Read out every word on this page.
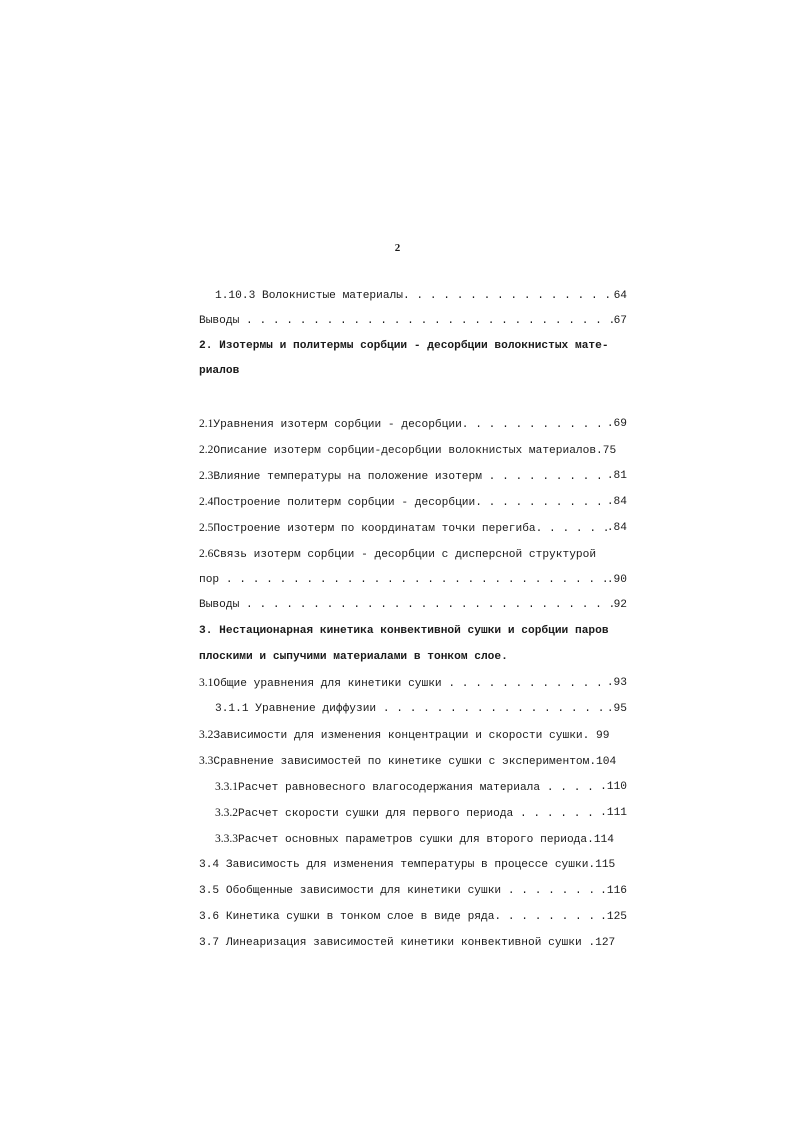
2
1.10.3 Волокнистые материалы. . . .	64
Выводы . . .	67
2. Изотермы и политермы сорбции - десорбции волокнистых мате-
риалов
2.1Уравнения изотерм сорбции - десорбции. . . .	.69
2.2Описание изотерм сорбции-десорбции волокнистых материалов.75
2.3Влияние температуры на положение изотерм . . .	.81
2.4Построение политерм сорбции - десорбции. . . .	.84
2.5Построение изотерм по координатам точки перегиба. . . .	.84
2.6Связь изотерм сорбции - десорбции с дисперсной структурой
пор . . .	.90
Выводы . . .	92
3. Нестационарная кинетика конвективной сушки и сорбции паров
плоскими и сыпучими материалами в тонком слое.
3.1Общие уравнения для кинетики сушки . . .	.93
3.1.1 Уравнение диффузии . . .	.95
3.2Зависимости для изменения концентрации и скорости сушки. 99
3.3Сравнение зависимостей по кинетике сушки с экспериментом.104
3.3.1Расчет равновесного влагосодержания материала . . .	.110
3.3.2Расчет скорости сушки для первого периода . . .	.111
3.3.3Расчет основных параметров сушки для второго периода.114
3.4 Зависимость для изменения температуры в процессе сушки.115
3.5 Обобщенные зависимости для кинетики сушки . . .	.116
3.6 Кинетика сушки в тонком слое в виде ряда. . . .	.125
3.7 Линеаризация зависимостей кинетики конвективной сушки .127
